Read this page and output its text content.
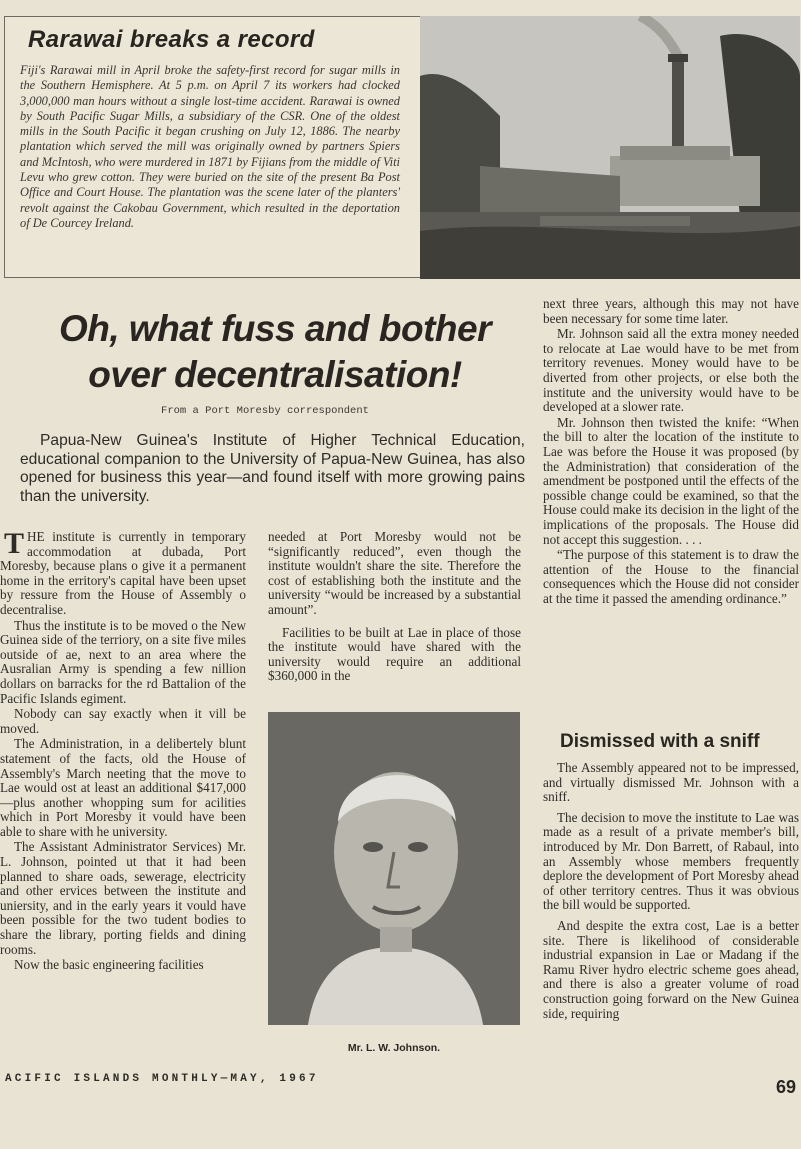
Rarawai breaks a record
Fiji's Rarawai mill in April broke the safety-first record for sugar mills in the Southern Hemisphere. At 5 p.m. on April 7 its workers had clocked 3,000,000 man hours without a single lost-time accident. Rarawai is owned by South Pacific Sugar Mills, a subsidiary of the CSR. One of the oldest mills in the South Pacific it began crushing on July 12, 1886. The nearby plantation which served the mill was originally owned by partners Spiers and McIntosh, who were murdered in 1871 by Fijians from the middle of Viti Levu who grew cotton. They were buried on the site of the present Ba Post Office and Court House. The plantation was the scene later of the planters' revolt against the Cakobau Government, which resulted in the deportation of De Courcey Ireland.
Oh, what fuss and bother
over decentralisation!
From a Port Moresby correspondent
Papua-New Guinea's Institute of Higher Technical Education, educational companion to the University of Papua-New Guinea, has also opened for business this year—and found itself with more growing pains than the university.

THE institute is currently in temporary accommodation at dubada, Port Moresby, because plans o give it a permanent home in the erritory's capital have been upset by ressure from the House of Assembly o decentralise.

Thus the institute is to be moved o the New Guinea side of the terriory, on a site five miles outside of ae, next to an area where the Ausralian Army is spending a few nillion dollars on barracks for the rd Battalion of the Pacific Islands egiment.

Nobody can say exactly when it vill be moved.

The Administration, in a delibertely blunt statement of the facts, old the House of Assembly's March neeting that the move to Lae would ost at least an additional $417,000 —plus another whopping sum for acilities which in Port Moresby it vould have been able to share with he university.

The Assistant Administrator Services) Mr. L. Johnson, pointed ut that it had been planned to share oads, sewerage, electricity and other ervices between the institute and uniersity, and in the early years it vould have been possible for the two tudent bodies to share the library, porting fields and dining rooms.

Now the basic engineering facilities

needed at Port Moresby would not be “significantly reduced”, even though the institute wouldn't share the site. Therefore the cost of establishing both the institute and the university “would be increased by a substantial amount”.

Facilities to be built at Lae in place of those the institute would have shared with the university would require an additional $360,000 in the

Mr. L. W. Johnson.

next three years, although this may not have been necessary for some time later.

Mr. Johnson said all the extra money needed to relocate at Lae would have to be met from territory revenues. Money would have to be diverted from other projects, or else both the institute and the university would have to be developed at a slower rate.

Mr. Johnson then twisted the knife: “When the bill to alter the location of the institute to Lae was before the House it was proposed (by the Administration) that consideration of the amendment be postponed until the effects of the possible change could be examined, so that the House could make its decision in the light of the implications of the proposals. The House did not accept this suggestion. . . .

“The purpose of this statement is to draw the attention of the House to the financial consequences which the House did not consider at the time it passed the amending ordinance.”

Dismissed with a sniff

The Assembly appeared not to be impressed, and virtually dismissed Mr. Johnson with a sniff.

The decision to move the institute to Lae was made as a result of a private member's bill, introduced by Mr. Don Barrett, of Rabaul, into an Assembly whose members frequently deplore the development of Port Moresby ahead of other territory centres. Thus it was obvious the bill would be supported.

And despite the extra cost, Lae is a better site. There is likelihood of considerable industrial expansion in Lae or Madang if the Ramu River hydro electric scheme goes ahead, and there is also a greater volume of road construction going forward on the New Guinea side, requiring

ACIFIC ISLANDS MONTHLY—MAY, 1967	69
